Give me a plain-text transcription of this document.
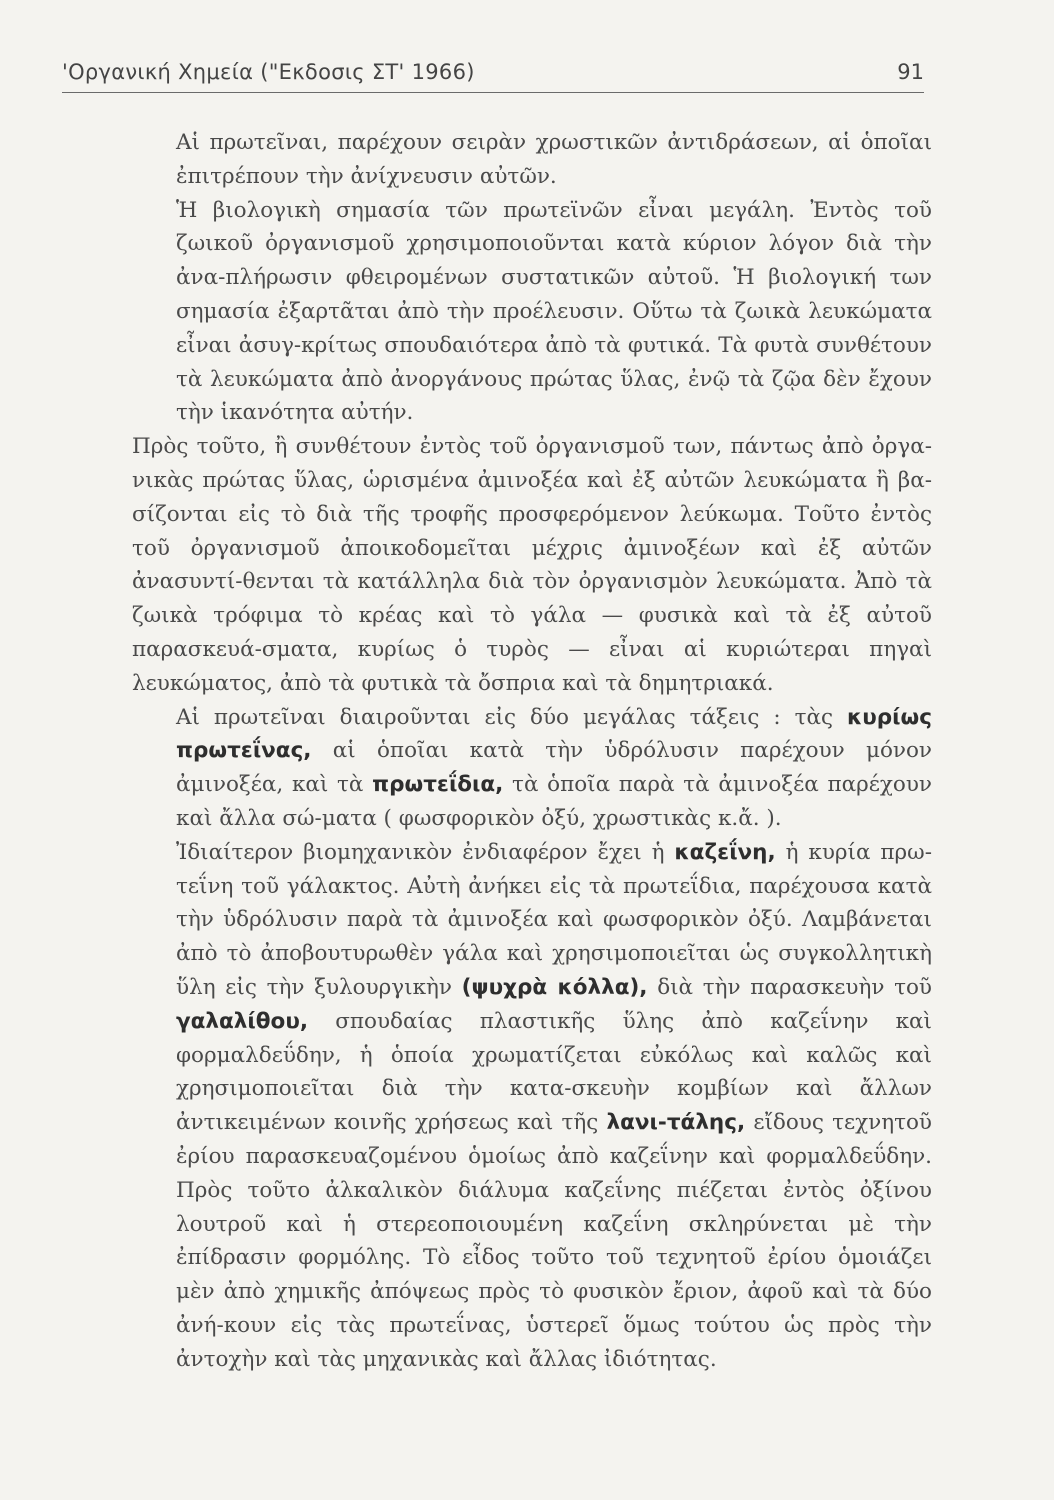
'Οργανική Χημεία ("Εκδοσις ΣΤ' 1966)	91

Αἱ πρωτεῖναι, παρέχουν σειρὰν χρωστικῶν ἀντιδράσεων, αἱ ὁποῖαι ἐπιτρέπουν τὴν ἀνίχνευσιν αὐτῶν.

Ἡ βιολογικὴ σημασία τῶν πρωτεϊνῶν εἶναι μεγάλη. Ἐντὸς τοῦ ζωικοῦ ὀργανισμοῦ χρησιμοποιοῦνται κατὰ κύριον λόγον διὰ τὴν ἀνα-πλήρωσιν φθειρομένων συστατικῶν αὐτοῦ. Ἡ βιολογική των σημασία ἐξαρτᾶται ἀπὸ τὴν προέλευσιν. Οὕτω τὰ ζωικὰ λευκώματα εἶναι ἀσυγ-κρίτως σπουδαιότερα ἀπὸ τὰ φυτικά. Τὰ φυτὰ συνθέτουν τὰ λευκώματα ἀπὸ ἀνοργάνους πρώτας ὕλας, ἐνῷ τὰ ζῷα δὲν ἔχουν τὴν ἱκανότητα αὐτήν.

Πρὸς τοῦτο, ἢ συνθέτουν ἐντὸς τοῦ ὀργανισμοῦ των, πάντως ἀπὸ ὀργα-νικὰς πρώτας ὕλας, ὡρισμένα ἀμινοξέα καὶ ἐξ αὐτῶν λευκώματα ἢ βα-σίζονται εἰς τὸ διὰ τῆς τροφῆς προσφερόμενον λεύκωμα. Τοῦτο ἐντὸς τοῦ ὀργανισμοῦ ἀποικοδομεῖται μέχρις ἀμινοξέων καὶ ἐξ αὐτῶν ἀνασυντί-θενται τὰ κατάλληλα διὰ τὸν ὀργανισμὸν λευκώματα. Ἀπὸ τὰ ζωικὰ τρόφιμα τὸ κρέας καὶ τὸ γάλα — φυσικὰ καὶ τὰ ἐξ αὐτοῦ παρασκευά-σματα, κυρίως ὁ τυρὸς — εἶναι αἱ κυριώτεραι πηγαὶ λευκώματος, ἀπὸ τὰ φυτικὰ τὰ ὄσπρια καὶ τὰ δημητριακά.

Αἱ πρωτεῖναι διαιροῦνται εἰς δύο μεγάλας τάξεις : τὰς κυρίως πρωτεΐνας, αἱ ὁποῖαι κατὰ τὴν ὑδρόλυσιν παρέχουν μόνον ἀμινοξέα, καὶ τὰ πρωτεΐδια, τὰ ὁποῖα παρὰ τὰ ἀμινοξέα παρέχουν καὶ ἄλλα σώ-ματα ( φωσφορικὸν ὀξύ, χρωστικὰς κ.ἄ. ).

Ἰδιαίτερον βιομηχανικὸν ἐνδιαφέρον ἔχει ἡ καζεΐνη, ἡ κυρία πρω-τεΐνη τοῦ γάλακτος. Αὐτὴ ἀνήκει εἰς τὰ πρωτεΐδια, παρέχουσα κατὰ τὴν ὑδρόλυσιν παρὰ τὰ ἀμινοξέα καὶ φωσφορικὸν ὀξύ. Λαμβάνεται ἀπὸ τὸ ἀποβουτυρωθὲν γάλα καὶ χρησιμοποιεῖται ὡς συγκολλητικὴ ὕλη εἰς τὴν ξυλουργικὴν (ψυχρὰ κόλλα), διὰ τὴν παρασκευὴν τοῦ γαλαλίθου, σπουδαίας πλαστικῆς ὕλης ἀπὸ καζεΐνην καὶ φορμαλδεΰδην, ἡ ὁποία χρωματίζεται εὐκόλως καὶ καλῶς καὶ χρησιμοποιεῖται διὰ τὴν κατα-σκευὴν κομβίων καὶ ἄλλων ἀντικειμένων κοινῆς χρήσεως καὶ τῆς λανι-τάλης, εἴδους τεχνητοῦ ἐρίου παρασκευαζομένου ὁμοίως ἀπὸ καζεΐνην καὶ φορμαλδεΰδην. Πρὸς τοῦτο ἀλκαλικὸν διάλυμα καζεΐνης πιέζεται ἐντὸς ὀξίνου λουτροῦ καὶ ἡ στερεοποιουμένη καζεΐνη σκληρύνεται μὲ τὴν ἐπίδρασιν φορμόλης. Τὸ εἶδος τοῦτο τοῦ τεχνητοῦ ἐρίου ὁμοιάζει μὲν ἀπὸ χημικῆς ἀπόψεως πρὸς τὸ φυσικὸν ἔριον, ἀφοῦ καὶ τὰ δύο ἀνή-κουν εἰς τὰς πρωτεΐνας, ὑστερεῖ ὅμως τούτου ὡς πρὸς τὴν ἀντοχὴν καὶ τὰς μηχανικὰς καὶ ἄλλας ἰδιότητας.
